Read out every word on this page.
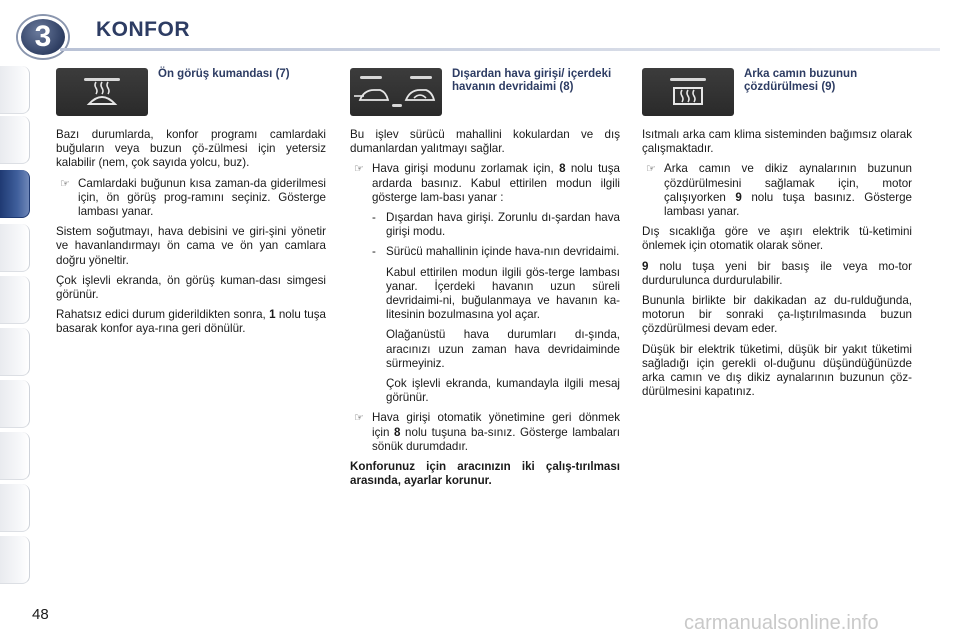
3 KONFOR
Ön görüş kumandası (7)

Bazı durumlarda, konfor programı camlardaki buğuların veya buzun çö-zülmesi için yetersiz kalabilir (nem, çok sayıda yolcu, buz).

☞ Camlardaki buğunun kısa zaman-da giderilmesi için, ön görüş prog-ramını seçiniz. Gösterge lambası yanar.

Sistem soğutmayı, hava debisini ve giri-şini yönetir ve havanlandırmayı ön cama ve ön yan camlara doğru yöneltir.

Çok işlevli ekranda, ön görüş kuman-dası simgesi görünür.

Rahatsız edici durum giderildikten sonra, 1 nolu tuşa basarak konfor aya-rına geri dönülür.

Dışardan hava girişi/ içerdeki havanın devridaimi (8)

Bu işlev sürücü mahallini kokulardan ve dış dumanlardan yalıtmayı sağlar.

☞ Hava girişi modunu zorlamak için, 8 nolu tuşa ardarda basınız. Kabul ettirilen modun ilgili gösterge lam-bası yanar :
- Dışardan hava girişi. Zorunlu dı-şardan hava girişi modu.
- Sürücü mahallinin içinde hava-nın devridaimi.

Kabul ettirilen modun ilgili gös-terge lambası yanar. İçerdeki havanın uzun süreli devridaimi-ni, buğulanmaya ve havanın ka-litesinin bozulmasına yol açar.

Olağanüstü hava durumları dı-şında, aracınızı uzun zaman hava devridaiminde sürmeyiniz.

Çok işlevli ekranda, kumandayla ilgili mesaj görünür.

☞ Hava girişi otomatik yönetimine geri dönmek için 8 nolu tuşuna ba-sınız. Gösterge lambaları sönük durumdadır.

Konforunuz için aracınızın iki çalış-tırılması arasında, ayarlar korunur.

Arka camın buzunun çözdürülmesi (9)

Isıtmalı arka cam klima sisteminden bağımsız olarak çalışmaktadır.

☞ Arka camın ve dikiz aynalarının buzunun çözdürülmesini sağlamak için, motor çalışıyorken 9 nolu tuşa basınız. Gösterge lambası yanar.

Dış sıcaklığa göre ve aşırı elektrik tü-ketimini önlemek için otomatik olarak söner.

9 nolu tuşa yeni bir basış ile veya mo-tor durdurulunca durdurulabilir.

Bununla birlikte bir dakikadan az du-rulduğunda, motorun bir sonraki ça-lıştırılmasında buzun çözdürülmesi devam eder.

Düşük bir elektrik tüketimi, düşük bir yakıt tüketimi sağladığı için gerekli ol-duğunu düşündüğünüzde arka camın ve dış dikiz aynalarının buzunun çöz-dürülmesini kapatınız.

48	carmanualsonline.info
